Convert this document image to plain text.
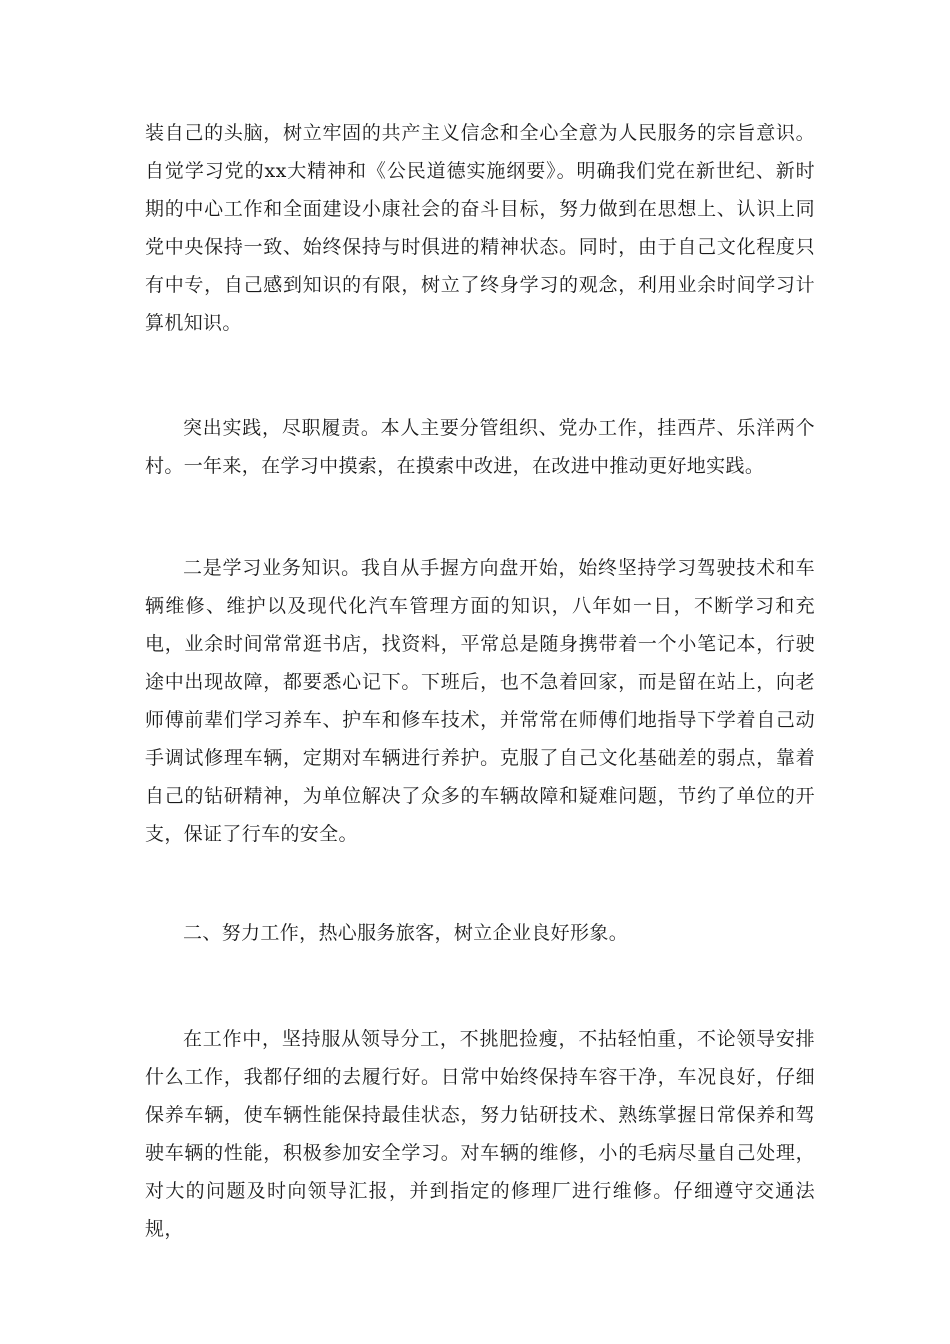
装自己的头脑，树立牢固的共产主义信念和全心全意为人民服务的宗旨意识。自觉学习党的xx大精神和《公民道德实施纲要》。明确我们党在新世纪、新时期的中心工作和全面建设小康社会的奋斗目标，努力做到在思想上、认识上同党中央保持一致、始终保持与时俱进的精神状态。同时，由于自己文化程度只有中专，自己感到知识的有限，树立了终身学习的观念，利用业余时间学习计算机知识。

突出实践，尽职履责。本人主要分管组织、党办工作，挂西芹、乐洋两个村。一年来，在学习中摸索，在摸索中改进，在改进中推动更好地实践。

二是学习业务知识。我自从手握方向盘开始，始终坚持学习驾驶技术和车辆维修、维护以及现代化汽车管理方面的知识，八年如一日，不断学习和充电，业余时间常常逛书店，找资料，平常总是随身携带着一个小笔记本，行驶途中出现故障，都要悉心记下。下班后，也不急着回家，而是留在站上，向老师傅前辈们学习养车、护车和修车技术，并常常在师傅们地指导下学着自己动手调试修理车辆，定期对车辆进行养护。克服了自己文化基础差的弱点，靠着自己的钻研精神，为单位解决了众多的车辆故障和疑难问题，节约了单位的开支，保证了行车的安全。

二、努力工作，热心服务旅客，树立企业良好形象。

在工作中，坚持服从领导分工，不挑肥捡瘦，不拈轻怕重，不论领导安排什么工作，我都仔细的去履行好。日常中始终保持车容干净，车况良好，仔细保养车辆，使车辆性能保持最佳状态，努力钻研技术、熟练掌握日常保养和驾驶车辆的性能，积极参加安全学习。对车辆的维修，小的毛病尽量自己处理，对大的问题及时向领导汇报，并到指定的修理厂进行维修。仔细遵守交通法规，
